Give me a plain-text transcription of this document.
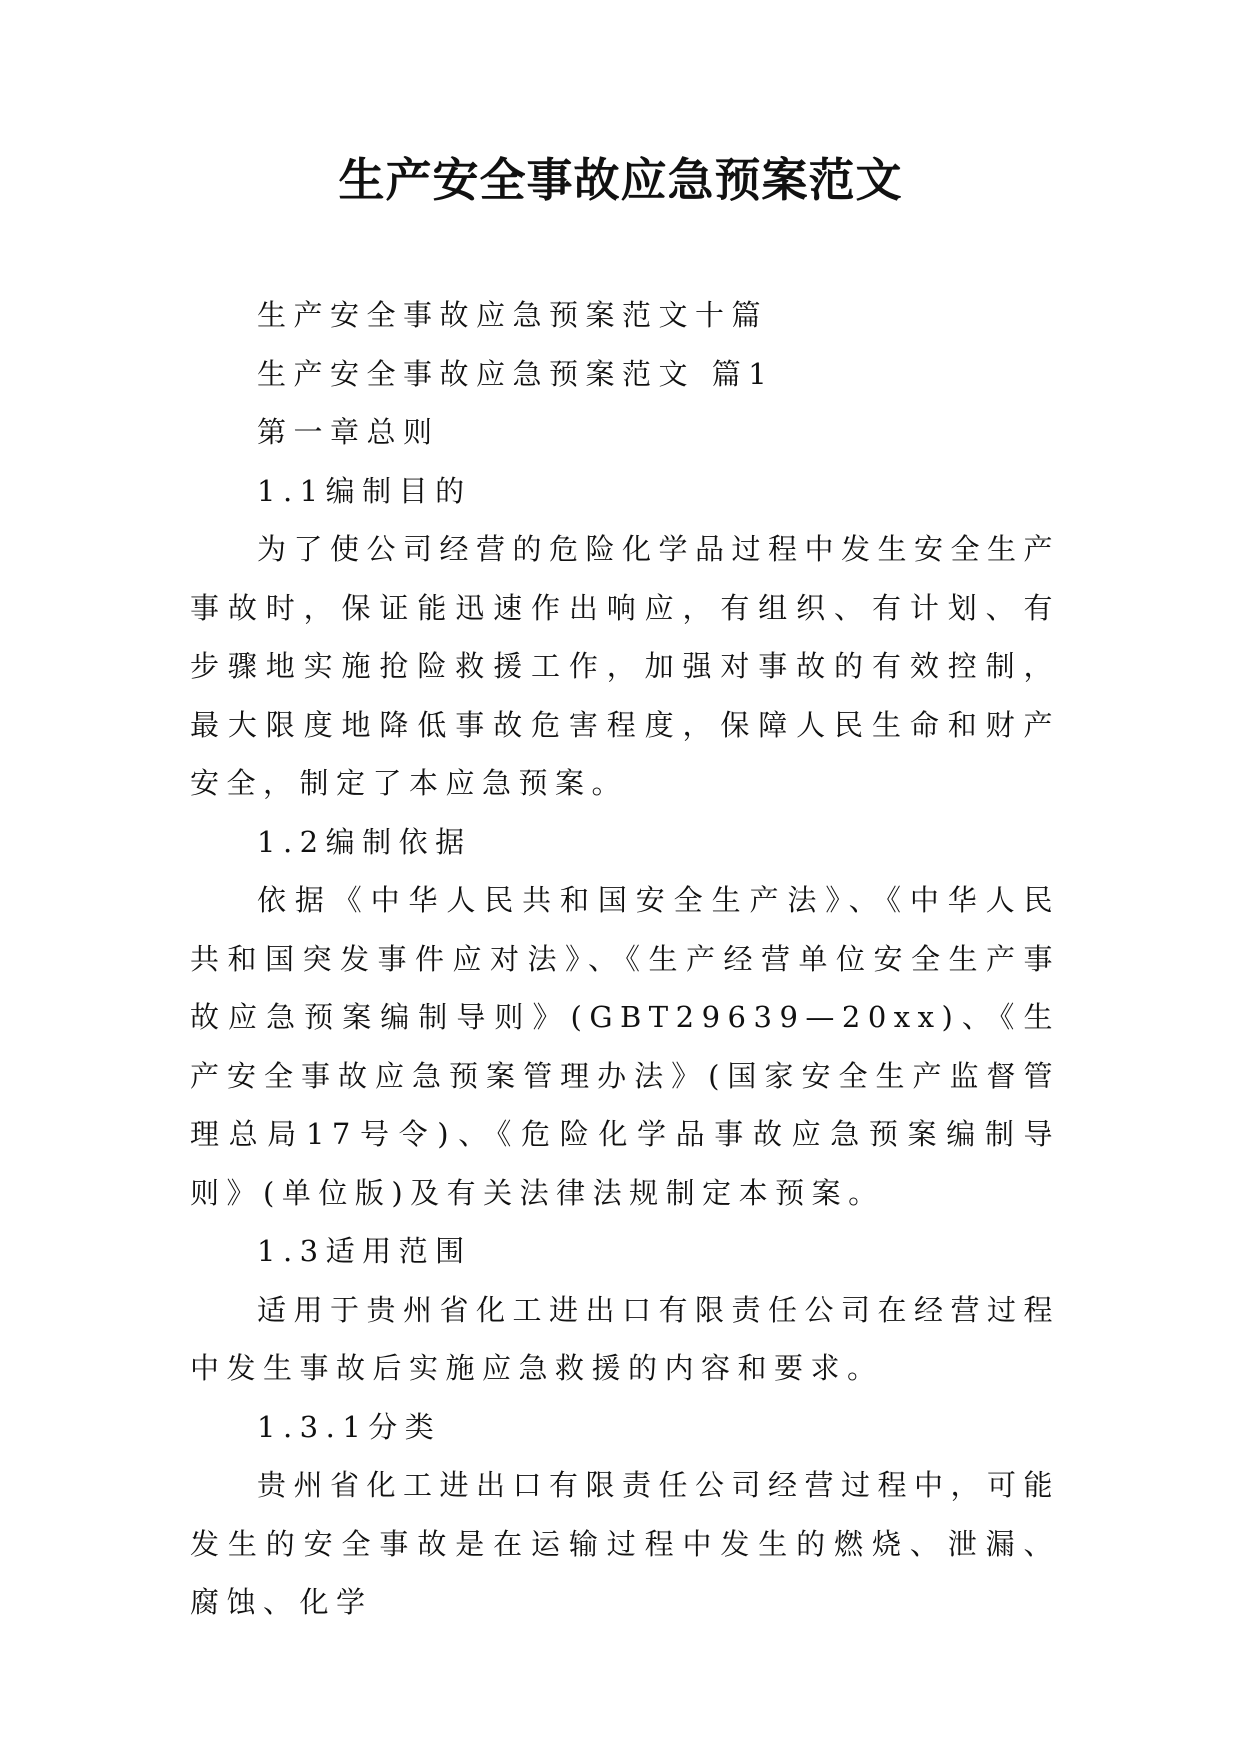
生产安全事故应急预案范文

生产安全事故应急预案范文十篇

生产安全事故应急预案范文 篇1

第一章总则

1.1编制目的

为了使公司经营的危险化学品过程中发生安全生产事故时，保证能迅速作出响应，有组织、有计划、有步骤地实施抢险救援工作，加强对事故的有效控制，最大限度地降低事故危害程度，保障人民生命和财产安全，制定了本应急预案。

1.2编制依据

依据《中华人民共和国安全生产法》、《中华人民共和国突发事件应对法》、《生产经营单位安全生产事故应急预案编制导则》(GBT29639—20xx)、《生产安全事故应急预案管理办法》(国家安全生产监督管理总局17号令)、《危险化学品事故应急预案编制导则》(单位版)及有关法律法规制定本预案。

1.3适用范围

适用于贵州省化工进出口有限责任公司在经营过程中发生事故后实施应急救援的内容和要求。

1.3.1分类

贵州省化工进出口有限责任公司经营过程中，可能发生的安全事故是在运输过程中发生的燃烧、泄漏、腐蚀、化学
